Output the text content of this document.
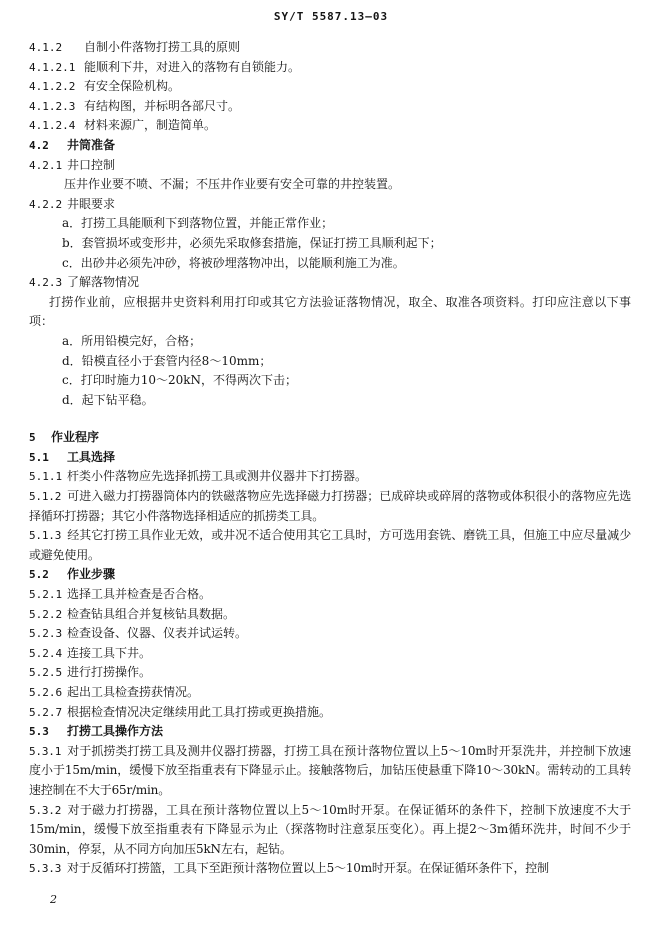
SY/T 5587.13—03
4.1.2 自制小件落物打捞工具的原则
4.1.2.1 能顺利下井，对进入的落物有自锁能力。
4.1.2.2 有安全保险机构。
4.1.2.3 有结构图，并标明各部尺寸。
4.1.2.4 材料来源广，制造简单。
4.2 井筒准备
4.2.1 井口控制
压井作业要不喷、不漏；不压井作业要有安全可靠的井控装置。
4.2.2 井眼要求
a．打捞工具能顺利下到落物位置，并能正常作业；
b．套管损坏或变形井，必须先采取修套措施，保证打捞工具顺利起下；
c．出砂井必须先冲砂，将被砂埋落物冲出，以能顺利施工为准。
4.2.3 了解落物情况
打捞作业前，应根据井史资料利用打印或其它方法验证落物情况，取全、取准各项资料。打印应注意以下事项：
a．所用铅模完好，合格；
d．铅模直径小于套管内径8～10mm；
c．打印时施力10～20kN，不得两次下击；
d．起下钻平稳。
5 作业程序
5.1 工具选择
5.1.1 杆类小件落物应先选择抓捞工具或测井仪器井下打捞器。
5.1.2 可进入磁力打捞器筒体内的铁磁落物应先选择磁力打捞器；已成碎块或碎屑的落物或体积很小的落物应先选择循环打捞器；其它小件落物选择相适应的抓捞类工具。
5.1.3 经其它打捞工具作业无效，或井况不适合使用其它工具时，方可选用套铣、磨铣工具，但施工中应尽量减少或避免使用。
5.2 作业步骤
5.2.1 选择工具并检查是否合格。
5.2.2 检查钻具组合并复核钻具数据。
5.2.3 检查设备、仪器、仪表并试运转。
5.2.4 连接工具下井。
5.2.5 进行打捞操作。
5.2.6 起出工具检查捞获情况。
5.2.7 根据检查情况决定继续用此工具打捞或更换措施。
5.3 打捞工具操作方法
5.3.1 对于抓捞类打捞工具及测井仪器打捞器，打捞工具在预计落物位置以上5～10m时开泵洗井，并控制下放速度小于15m/min，缓慢下放至指重表有下降显示止。接触落物后，加钻压使悬重下降10～30kN。需转动的工具转速控制在不大于65r/min。
5.3.2 对于磁力打捞器，工具在预计落物位置以上5～10m时开泵。在保证循环的条件下，控制下放速度不大于15m/min，缓慢下放至指重表有下降显示为止（探落物时注意泵压变化）。再上提2～3m循环洗井，时间不少于30min，停泵，从不同方向加压5kN左右，起钻。
5.3.3 对于反循环打捞篮，工具下至距预计落物位置以上5～10m时开泵。在保证循环条件下，控制
2
